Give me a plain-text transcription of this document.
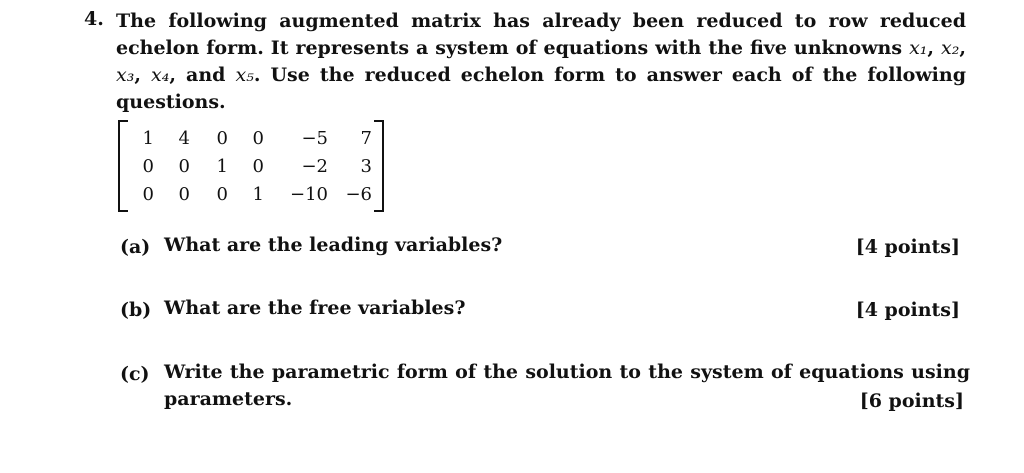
4. The following augmented matrix has already been reduced to row reduced echelon form. It represents a system of equations with the five unknowns x₁, x₂, x₃, x₄, and x₅. Use the reduced echelon form to answer each of the following questions.
1	4	0	0	−5	7
0	0	1	0	−2	3
0	0	0	1	−10	−6
(a) What are the leading variables?	[4 points]
(b) What are the free variables?	[4 points]
(c) Write the parametric form of the solution to the system of equations using parameters.	[6 points]
